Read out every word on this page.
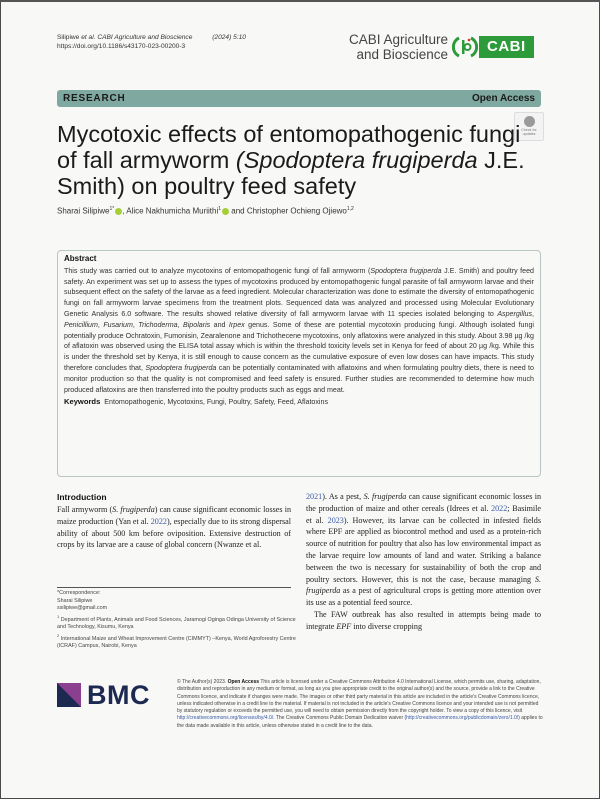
Silipiwe et al. CABI Agriculture and Bioscience	(2024) 5:10
https://doi.org/10.1186/s43170-023-00200-3	CABI Agriculture
and Bioscience	CABI
RESEARCH	Open Access
Check for updates
Mycotoxic effects of entomopathogenic fungi of fall armyworm (Spodoptera frugiperda J.E. Smith) on poultry feed safety
Sharai Silipiwe$^{1*}$ , Alice Nakhumicha Muriithi$^1$ and Christopher Ochieng Ojiewo$^{1,2}$
Abstract

This study was carried out to analyze mycotoxins of entomopathogenic fungi of fall armyworm (Spodoptera frugiperda J.E. Smith) and poultry feed safety. An experiment was set up to assess the types of mycotoxins produced by entomopathogenic fungal parasite of fall armyworm larvae and their subsequent effect on the safety of the larvae as a feed ingredient. Molecular characterization was done to estimate the diversity of entomopathogenic fungi on fall armyworm larvae specimens from the treatment plots. Sequenced data was analyzed and processed using Molecular Evolutionary Genetic Analysis 6.0 software. The results showed relative diversity of fall armyworm larvae with 11 species isolated belonging to Aspergillus, Penicillium, Fusarium, Trichoderma, Bipolaris and Irpex genus. Some of these are potential mycotoxin producing fungi. Although isolated fungi potentially produce Ochratoxin, Fumonisin, Zearalenone and Trichothecene mycotoxins, only aflatoxins were analyzed in this study. About 3.98 µg /kg of aflatoxin was observed using the ELISA total assay which is within the threshold toxicity levels set in Kenya for feed of about 20 µg /kg. While this is under the threshold set by Kenya, it is still enough to cause concern as the cumulative exposure of even low doses can have impacts. This study therefore concludes that, Spodoptera frugiperda can be potentially contaminated with aflatoxins and when formulating poultry diets, there is need to monitor production so that the quality is not compromised and feed safety is ensured. Further studies are recommended to determine how much produced aflatoxins are then transferred into the poultry products such as eggs and meat.

Keywords Entomopathogenic, Mycotoxins, Fungi, Poultry, Safety, Feed, Aflatoxins
Introduction

Fall armyworm (S. frugiperda) can cause significant economic losses in maize production (Yan et al. 2022), especially due to its strong dispersal ability of about 500 km before oviposition. Extensive destruction of crops by its larvae are a cause of global concern (Nwanze et al.

2021). As a pest, S. frugiperda can cause significant economic losses in the production of maize and other cereals (Idrees et al. 2022; Basimile et al. 2023). However, its larvae can be collected in infested fields where EPF are applied as biocontrol method and used as a protein-rich source of nutrition for poultry that also has low environmental impact as the larvae require low amounts of land and water. Striking a balance between the two is necessary for sustainability of both the crop and poultry sectors. However, this is not the case, because managing S. frugiperda as a pest of agricultural crops is getting more attention over its use as a potential feed source.

The FAW outbreak has also resulted in attempts being made to integrate EPF into diverse cropping

*Correspondence:
Sharai Silipiwe
ssilipiwe@gmail.com
$^1$ Department of Plants, Animals and Food Sciences, Jaramogi Oginga Odinga University of Science and Technology, Kisumu, Kenya
$^2$ International Maize and Wheat Improvement Centre (CIMMYT) –Kenya, World Agroforestry Centre (ICRAF) Campus, Nairobi, Kenya
BMC	© The Author(s) 2023. Open Access This article is licensed under a Creative Commons Attribution 4.0 International License, which permits use, sharing, adaptation, distribution and reproduction in any medium or format, as long as you give appropriate credit to the original author(s) and the source, provide a link to the Creative Commons licence, and indicate if changes were made. The images or other third party material in this article are included in the article's Creative Commons licence, unless indicated otherwise in a credit line to the material. If material is not included in the article's Creative Commons licence and your intended use is not permitted by statutory regulation or exceeds the permitted use, you will need to obtain permission directly from the copyright holder. To view a copy of this licence, visit http://creativecommons.org/licenses/by/4.0/. The Creative Commons Public Domain Dedication waiver (http://creativecommons.org/publicdomain/zero/1.0/) applies to the data made available in this article, unless otherwise stated in a credit line to the data.
